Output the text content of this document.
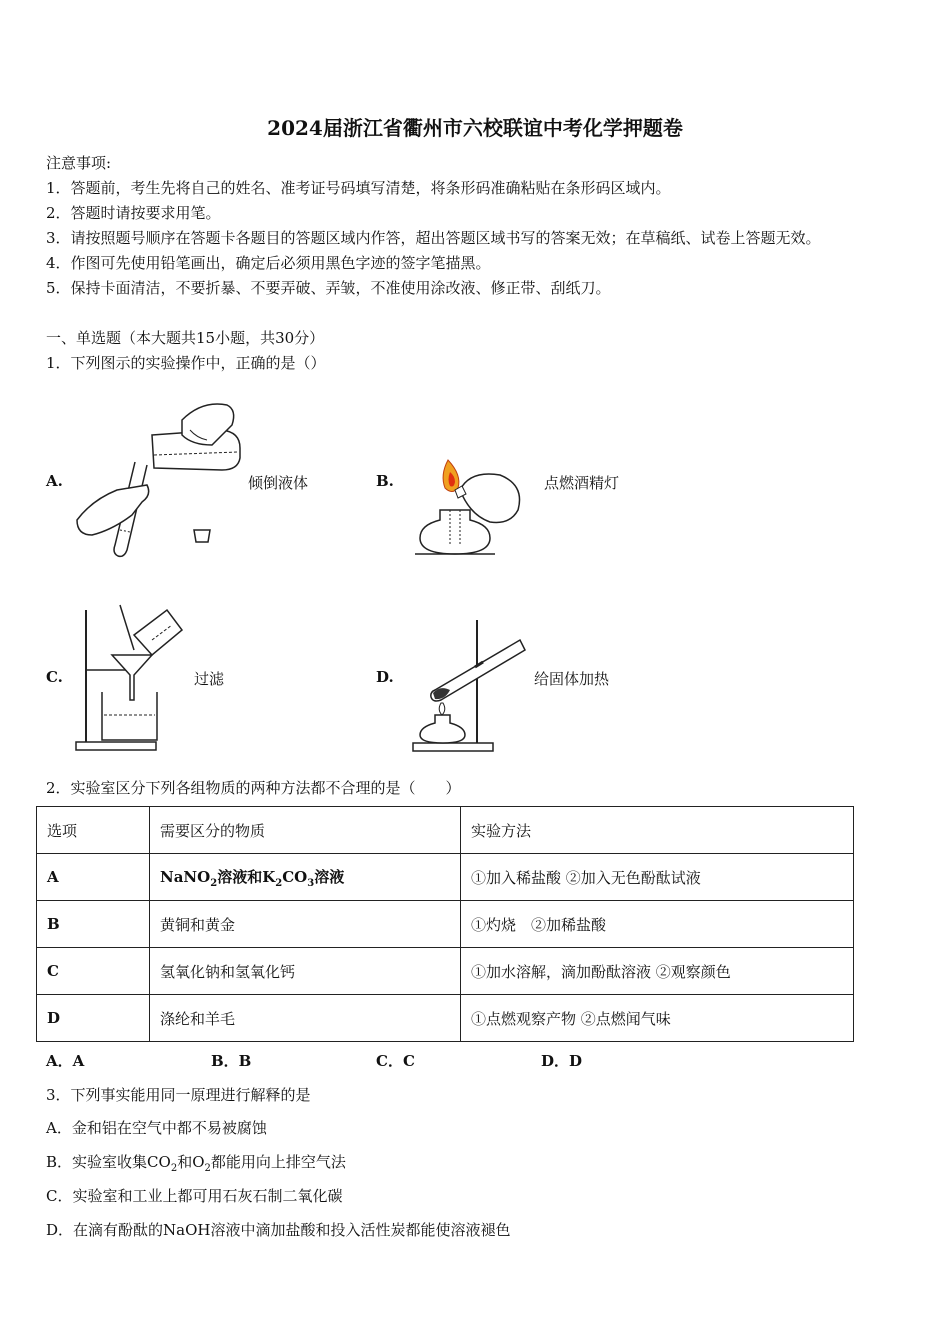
2024届浙江省衢州市六校联谊中考化学押题卷
注意事项:
1．答题前，考生先将自己的姓名、准考证号码填写清楚，将条形码准确粘贴在条形码区域内。
2．答题时请按要求用笔。
3．请按照题号顺序在答题卡各题目的答题区域内作答，超出答题区域书写的答案无效；在草稿纸、试卷上答题无效。
4．作图可先使用铅笔画出，确定后必须用黑色字迹的签字笔描黑。
5．保持卡面清洁，不要折暴、不要弄破、弄皱，不准使用涂改液、修正带、刮纸刀。
一、单选题（本大题共15小题，共30分）
1．下列图示的实验操作中，正确的是（）
A.	倾倒液体	B.	点燃酒精灯
C.	过滤	D.	给固体加热
2．实验室区分下列各组物质的两种方法都不合理的是（　　）
选项	需要区分的物质	实验方法
A	NaNO$_2$溶液和$K_2CO_3$溶液	①加入稀盐酸 ②加入无色酚酞试液
B	黄铜和黄金	①灼烧　②加稀盐酸
C	氢氧化钠和氢氧化钙	①加水溶解，滴加酚酞溶液 ②观察颜色
D	涤纶和羊毛	①点燃观察产物 ②点燃闻气味
A．A	B．B	C．C	D．D
3．下列事实能用同一原理进行解释的是
A．金和铝在空气中都不易被腐蚀
B．实验室收集$CO_2$和$O_2$都能用向上排空气法
C．实验室和工业上都可用石灰石制二氧化碳
D．在滴有酚酞的NaOH溶液中滴加盐酸和投入活性炭都能使溶液褪色
